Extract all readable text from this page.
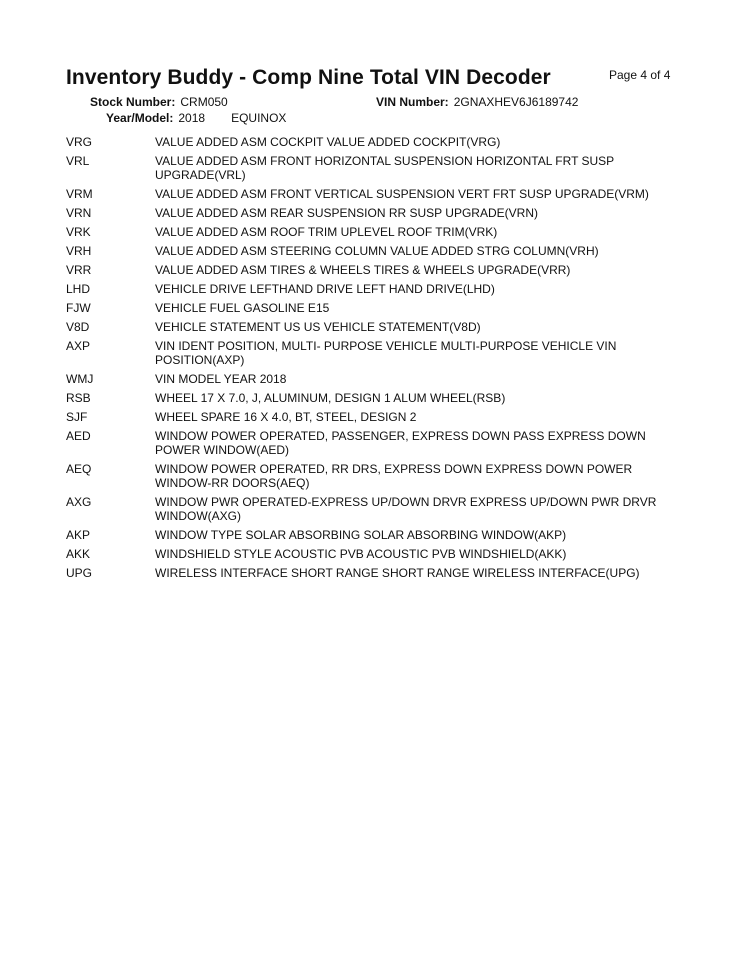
Inventory Buddy - Comp Nine Total VIN Decoder	Page 4 of 4
Stock Number: CRM050	VIN Number: 2GNAXHEV6J6189742
Year/Model: 2018 EQUINOX
VRG	VALUE ADDED ASM COCKPIT VALUE ADDED COCKPIT(VRG)
VRL	VALUE ADDED ASM FRONT HORIZONTAL SUSPENSION HORIZONTAL FRT SUSP UPGRADE(VRL)
VRM	VALUE ADDED ASM FRONT VERTICAL SUSPENSION VERT FRT SUSP UPGRADE(VRM)
VRN	VALUE ADDED ASM REAR SUSPENSION RR SUSP UPGRADE(VRN)
VRK	VALUE ADDED ASM ROOF TRIM UPLEVEL ROOF TRIM(VRK)
VRH	VALUE ADDED ASM STEERING COLUMN VALUE ADDED STRG COLUMN(VRH)
VRR	VALUE ADDED ASM TIRES & WHEELS TIRES & WHEELS UPGRADE(VRR)
LHD	VEHICLE DRIVE LEFTHAND DRIVE LEFT HAND DRIVE(LHD)
FJW	VEHICLE FUEL GASOLINE E15
V8D	VEHICLE STATEMENT US US VEHICLE STATEMENT(V8D)
AXP	VIN IDENT POSITION, MULTI- PURPOSE VEHICLE MULTI-PURPOSE VEHICLE VIN POSITION(AXP)
WMJ	VIN MODEL YEAR 2018
RSB	WHEEL 17 X 7.0, J, ALUMINUM, DESIGN 1 ALUM WHEEL(RSB)
SJF	WHEEL SPARE 16 X 4.0, BT, STEEL, DESIGN 2
AED	WINDOW POWER OPERATED, PASSENGER, EXPRESS DOWN PASS EXPRESS DOWN POWER WINDOW(AED)
AEQ	WINDOW POWER OPERATED, RR DRS, EXPRESS DOWN EXPRESS DOWN POWER WINDOW-RR DOORS(AEQ)
AXG	WINDOW PWR OPERATED-EXPRESS UP/DOWN DRVR EXPRESS UP/DOWN PWR DRVR WINDOW(AXG)
AKP	WINDOW TYPE SOLAR ABSORBING SOLAR ABSORBING WINDOW(AKP)
AKK	WINDSHIELD STYLE ACOUSTIC PVB ACOUSTIC PVB WINDSHIELD(AKK)
UPG	WIRELESS INTERFACE SHORT RANGE SHORT RANGE WIRELESS INTERFACE(UPG)
